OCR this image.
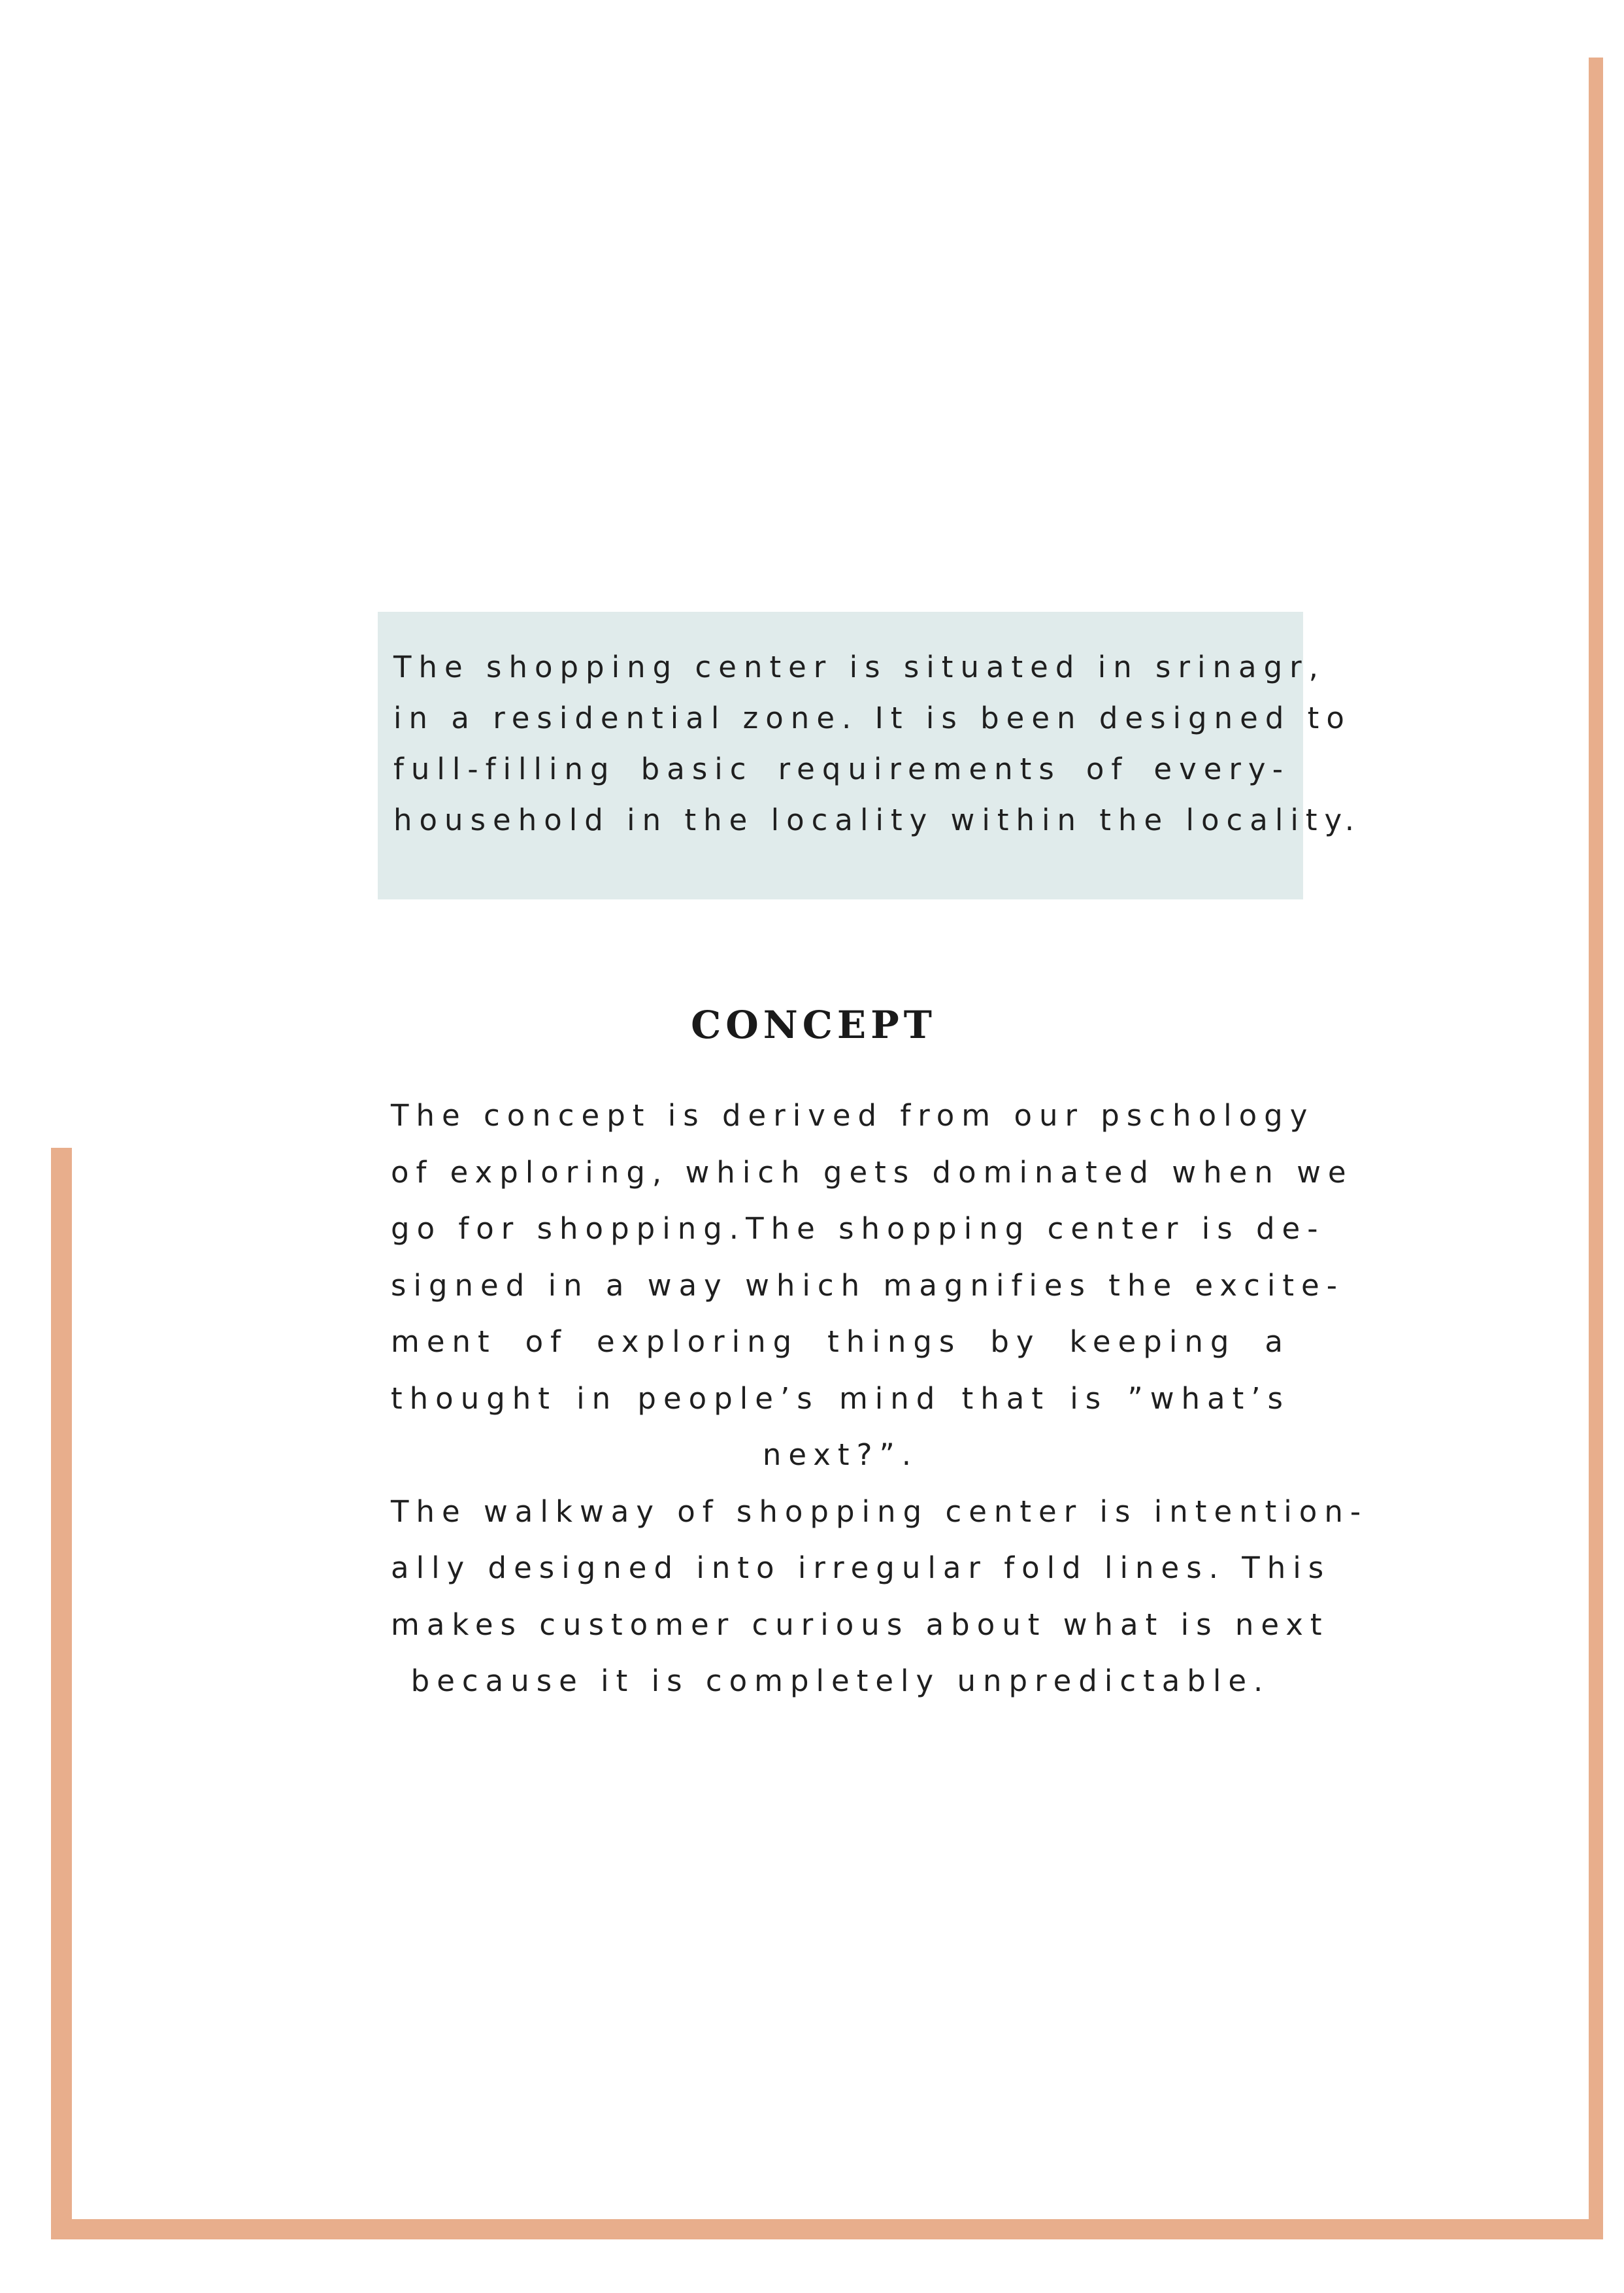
The shopping center is situated in srinagr,
in a residential zone. It is been designed to
full-filling basic requirements of every-
household in the locality within the locality.
CONCEPT
The concept is derived from our pschology
of exploring, which gets dominated when we
go for shopping.The shopping center is de-
signed in a way which magnifies the excite-
ment of exploring things by keeping a
thought in people’s mind that is ”what’s
next?”.
The walkway of shopping center is intention-
ally designed into irregular fold lines. This
makes customer curious about what is next
because it is completely unpredictable.
